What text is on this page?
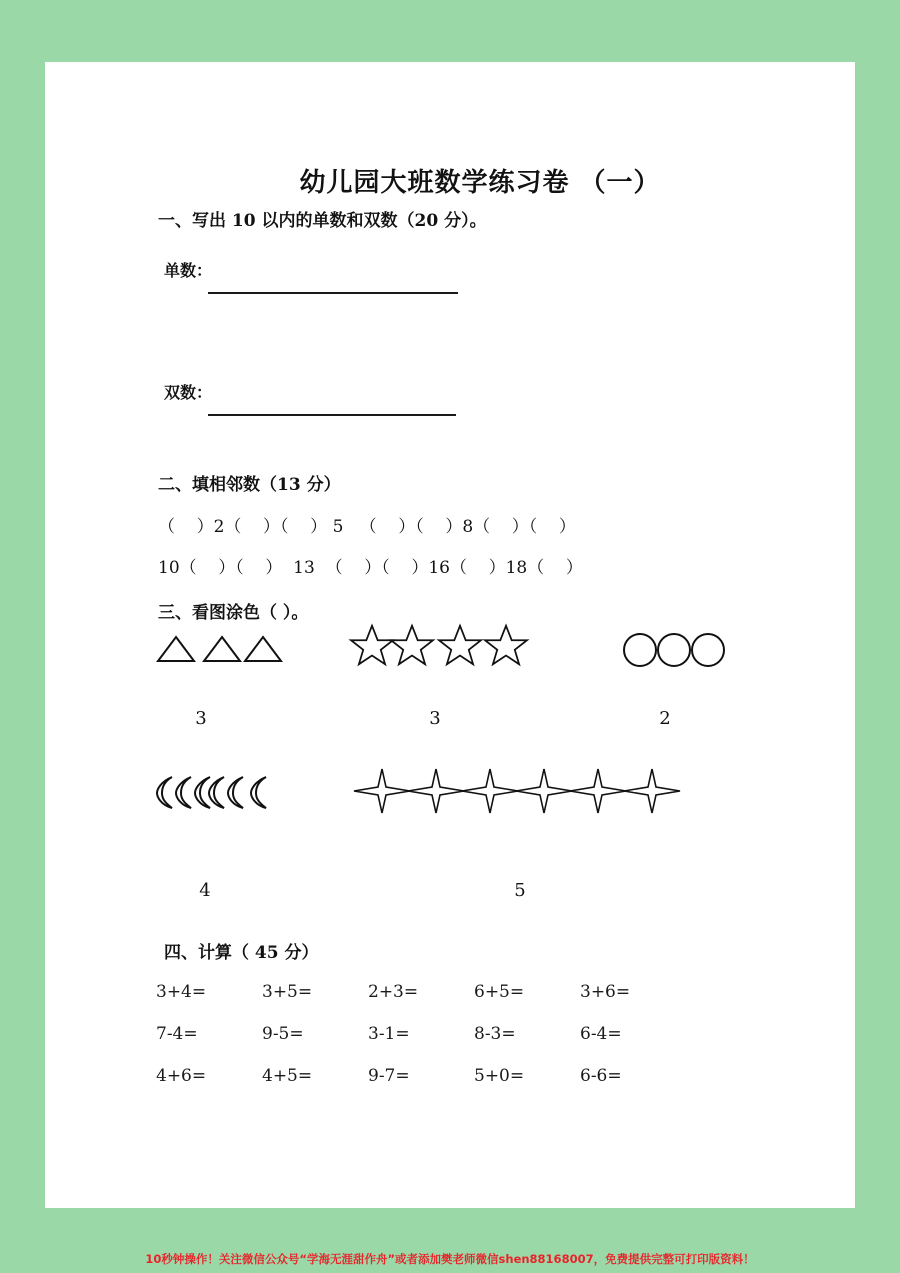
幼儿园大班数学练习卷 （一）
一、写出 10 以内的单数和双数（20 分）。
单数：
双数：
二、填相邻数（13 分）
（    ）2（    ）（    ） 5   （    ）（    ）8（    ）（    ）
10（    ）（    ）  13  （    ）（    ）16（    ）18（    ）
三、看图涂色（ ）。
3	3	2
4	5
四、计算（ 45 分）
3+4=	3+5=	2+3=	6+5=	3+6=
7-4=	9-5=	3-1=	8-3=	6-4=
4+6=	4+5=	9-7=	5+0=	6-6=
10秒钟操作！关注微信公众号“学海无涯甜作舟”或者添加樊老师微信shen88168007，免费提供完整可打印版资料！
